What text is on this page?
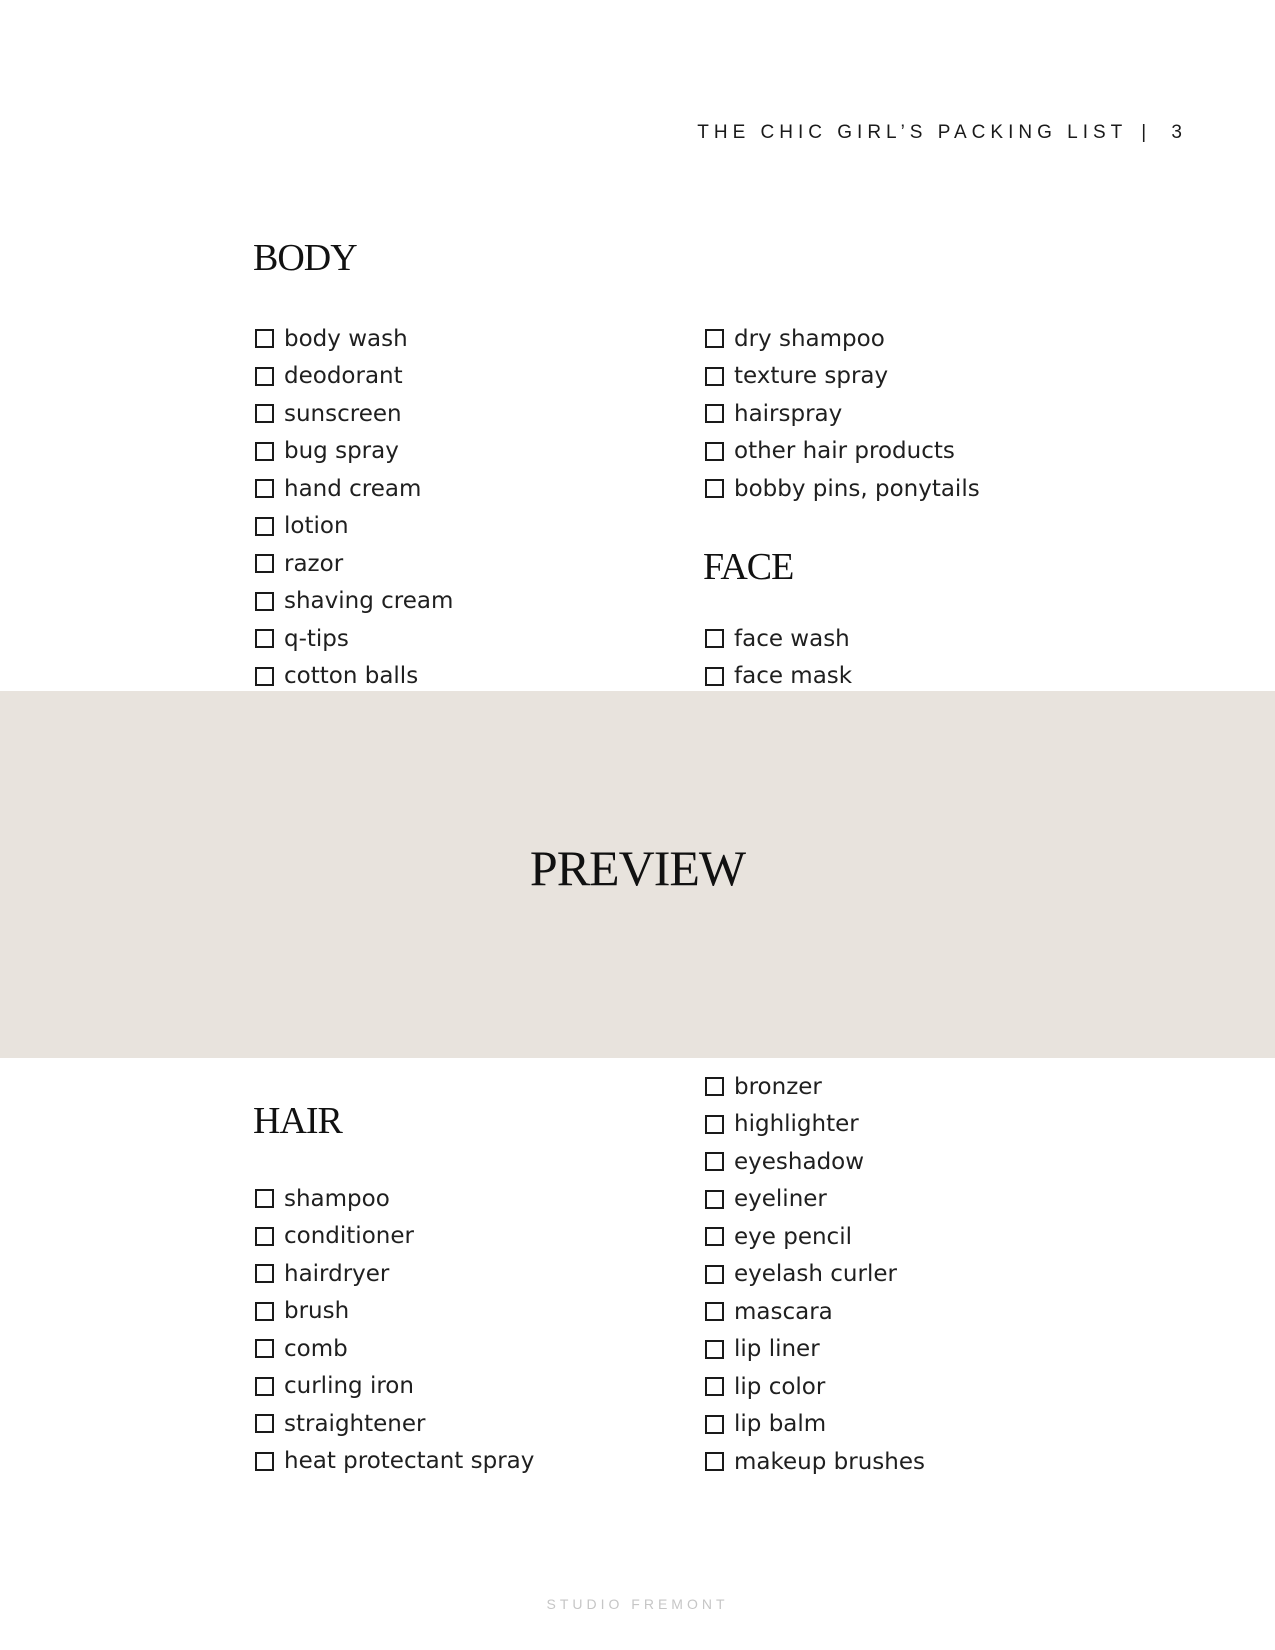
THE CHIC GIRL’S PACKING LIST | 3
BODY
body wash
deodorant
sunscreen
bug spray
hand cream
lotion
razor
shaving cream
q-tips
cotton balls
dry shampoo
texture spray
hairspray
other hair products
bobby pins, ponytails
FACE
face wash
face mask
HAIR
shampoo
conditioner
hairdryer
brush
comb
curling iron
straightener
heat protectant spray
bronzer
highlighter
eyeshadow
eyeliner
eye pencil
eyelash curler
mascara
lip liner
lip color
lip balm
makeup brushes
PREVIEW
STUDIO FREMONT
